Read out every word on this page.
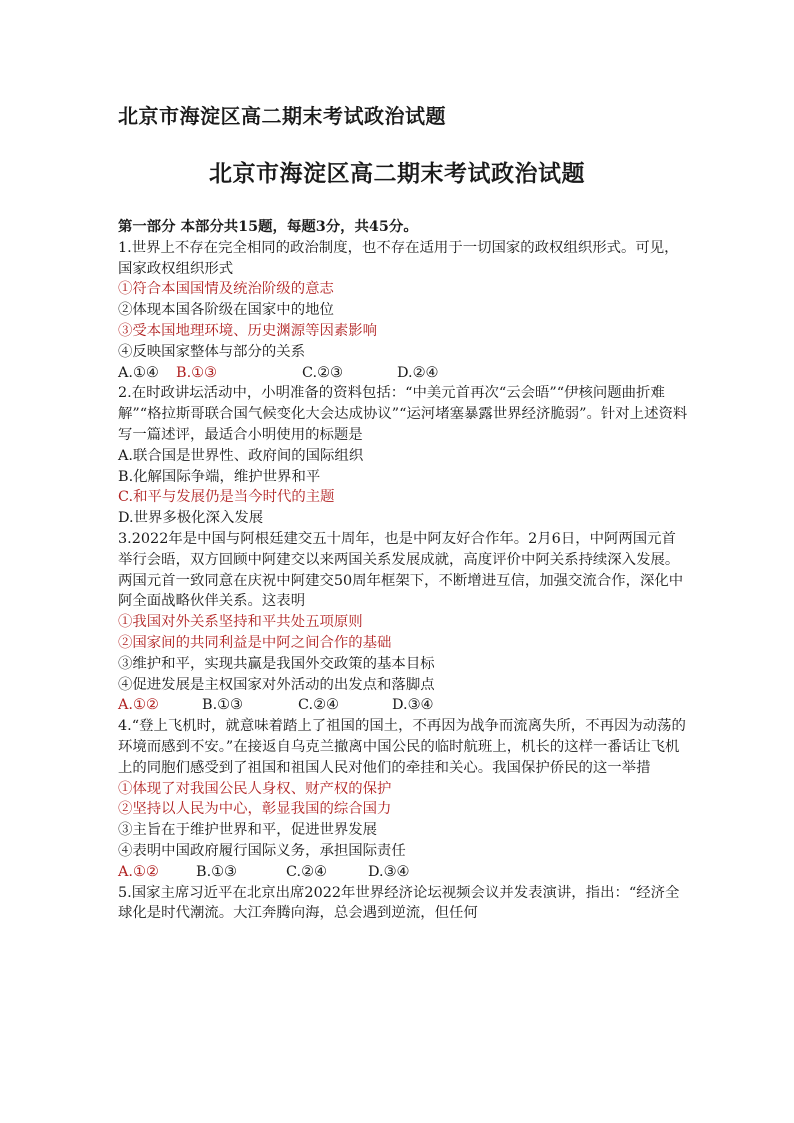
北京市海淀区高二期末考试政治试题
北京市海淀区高二期末考试政治试题

第一部分 本部分共15题，每题3分，共45分。

1.世界上不存在完全相同的政治制度，也不存在适用于一切国家的政权组织形式。可见，国家政权组织形式

①符合本国国情及统治阶级的意志

②体现本国各阶级在国家中的地位

③受本国地理环境、历史渊源等因素影响

④反映国家整体与部分的关系

A.①④ B.①③	C.②③	D.②④

2.在时政讲坛活动中，小明准备的资料包括：“中美元首再次“云会晤”“伊核问题曲折难解”“格拉斯哥联合国气候变化大会达成协议”“运河堵塞暴露世界经济脆弱”。针对上述资料写一篇述评，最适合小明使用的标题是

A.联合国是世界性、政府间的国际组织

B.化解国际争端，维护世界和平

C.和平与发展仍是当今时代的主题

D.世界多极化深入发展

3.2022年是中国与阿根廷建交五十周年，也是中阿友好合作年。2月6日，中阿两国元首举行会晤，双方回顾中阿建交以来两国关系发展成就，高度评价中阿关系持续深入发展。两国元首一致同意在庆祝中阿建交50周年框架下，不断增进互信，加强交流合作，深化中阿全面战略伙伴关系。这表明

①我国对外关系坚持和平共处五项原则

②国家间的共同利益是中阿之间合作的基础

③维护和平，实现共赢是我国外交政策的基本目标

④促进发展是主权国家对外活动的出发点和落脚点

A.①②	B.①③	C.②④	D.③④

4.“登上飞机时，就意味着踏上了祖国的国土，不再因为战争而流离失所，不再因为动荡的环境而感到不安。”在接返自乌克兰撤离中国公民的临时航班上，机长的这样一番话让飞机上的同胞们感受到了祖国和祖国人民对他们的牵挂和关心。我国保护侨民的这一举措

①体现了对我国公民人身权、财产权的保护

②坚持以人民为中心，彰显我国的综合国力

③主旨在于维护世界和平，促进世界发展

④表明中国政府履行国际义务，承担国际责任

A.①②	B.①③	C.②④	D.③④

5.国家主席习近平在北京出席2022年世界经济论坛视频会议并发表演讲，指出：“经济全球化是时代潮流。大江奔腾向海，总会遇到逆流，但任何
